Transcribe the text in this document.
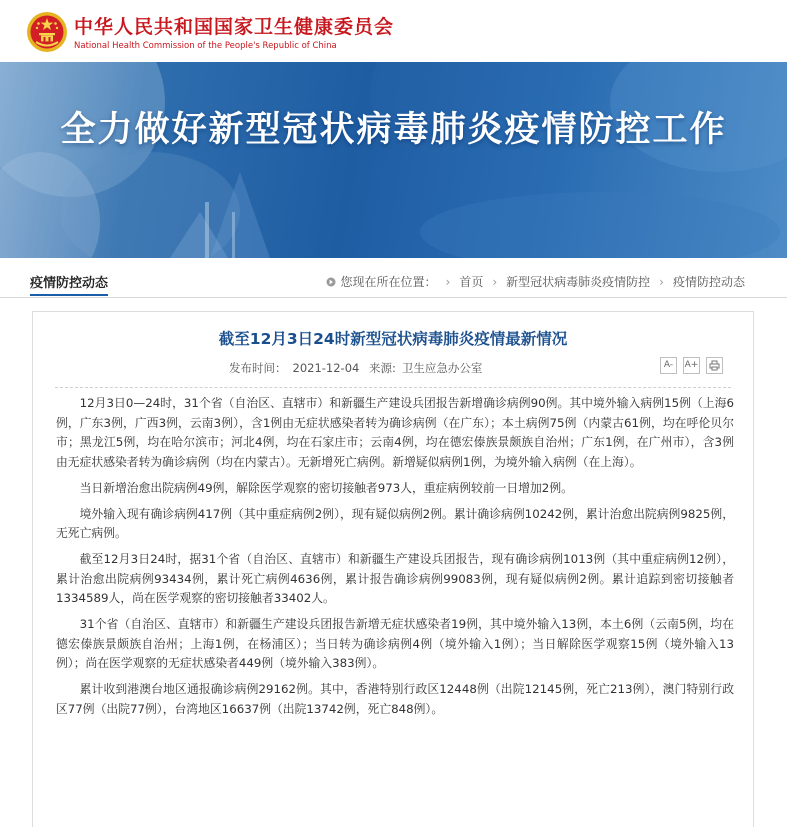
中华人民共和国国家卫生健康委员会
National Health Commission of the People's Republic of China
全力做好新型冠状病毒肺炎疫情防控工作
疫情防控动态	您现在所在位置： › 首页 › 新型冠状病毒肺炎疫情防控 › 疫情防控动态
截至12月3日24时新型冠状病毒肺炎疫情最新情况
发布时间： 2021-12-04 来源: 卫生应急办公室	A-	A+

12月3日0—24时，31个省（自治区、直辖市）和新疆生产建设兵团报告新增确诊病例90例。其中境外输入病例15例（上海6例，广东3例，广西3例，云南3例），含1例由无症状感染者转为确诊病例（在广东）；本土病例75例（内蒙古61例，均在呼伦贝尔市；黑龙江5例，均在哈尔滨市；河北4例，均在石家庄市；云南4例，均在德宏傣族景颇族自治州；广东1例，在广州市），含3例由无症状感染者转为确诊病例（均在内蒙古）。无新增死亡病例。新增疑似病例1例，为境外输入病例（在上海）。

当日新增治愈出院病例49例，解除医学观察的密切接触者973人，重症病例较前一日增加2例。

境外输入现有确诊病例417例（其中重症病例2例），现有疑似病例2例。累计确诊病例10242例，累计治愈出院病例9825例，无死亡病例。

截至12月3日24时，据31个省（自治区、直辖市）和新疆生产建设兵团报告，现有确诊病例1013例（其中重症病例12例），累计治愈出院病例93434例，累计死亡病例4636例，累计报告确诊病例99083例，现有疑似病例2例。累计追踪到密切接触者1334589人，尚在医学观察的密切接触者33402人。

31个省（自治区、直辖市）和新疆生产建设兵团报告新增无症状感染者19例，其中境外输入13例，本土6例（云南5例，均在德宏傣族景颇族自治州；上海1例，在杨浦区）；当日转为确诊病例4例（境外输入1例）；当日解除医学观察15例（境外输入13例）；尚在医学观察的无症状感染者449例（境外输入383例）。

累计收到港澳台地区通报确诊病例29162例。其中，香港特别行政区12448例（出院12145例，死亡213例），澳门特别行政区77例（出院77例），台湾地区16637例（出院13742例，死亡848例）。
